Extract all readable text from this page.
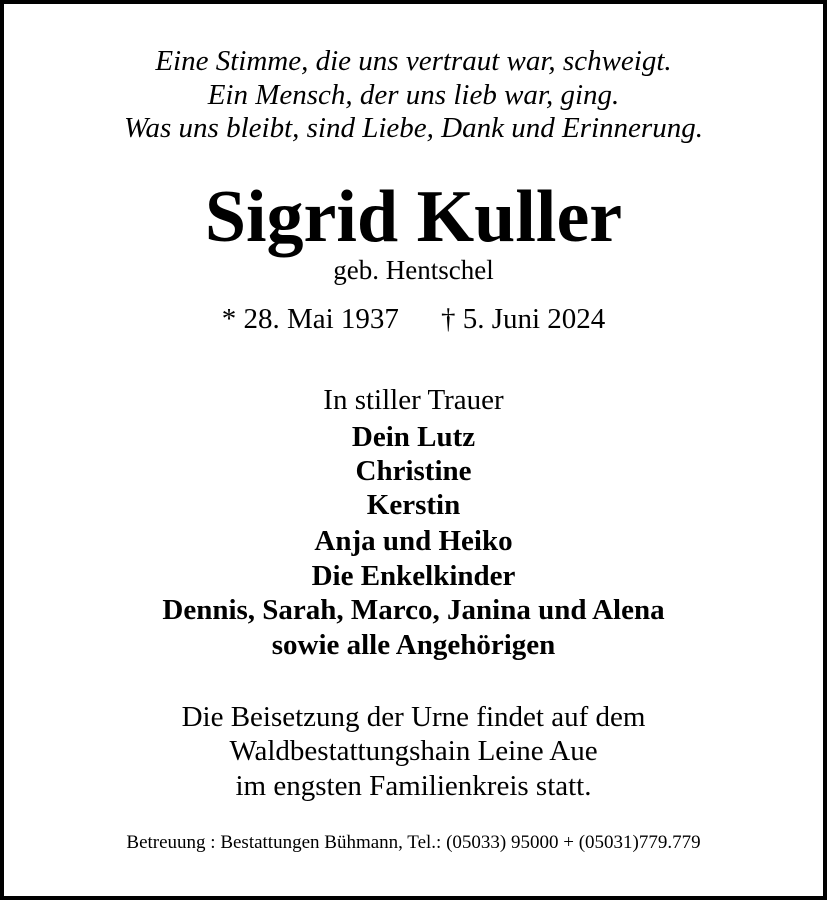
Eine Stimme, die uns vertraut war, schweigt.
Ein Mensch, der uns lieb war, ging.
Was uns bleibt, sind Liebe, Dank und Erinnerung.
Sigrid Kuller
geb. Hentschel
* 28. Mai 1937 † 5. Juni 2024
In stiller Trauer
Dein Lutz
Christine
Kerstin
Anja und Heiko
Die Enkelkinder
Dennis, Sarah, Marco, Janina und Alena
sowie alle Angehörigen
Die Beisetzung der Urne findet auf dem
Waldbestattungshain Leine Aue
im engsten Familienkreis statt.
Betreuung : Bestattungen Bühmann, Tel.: (05033) 95000 + (05031)779.779
